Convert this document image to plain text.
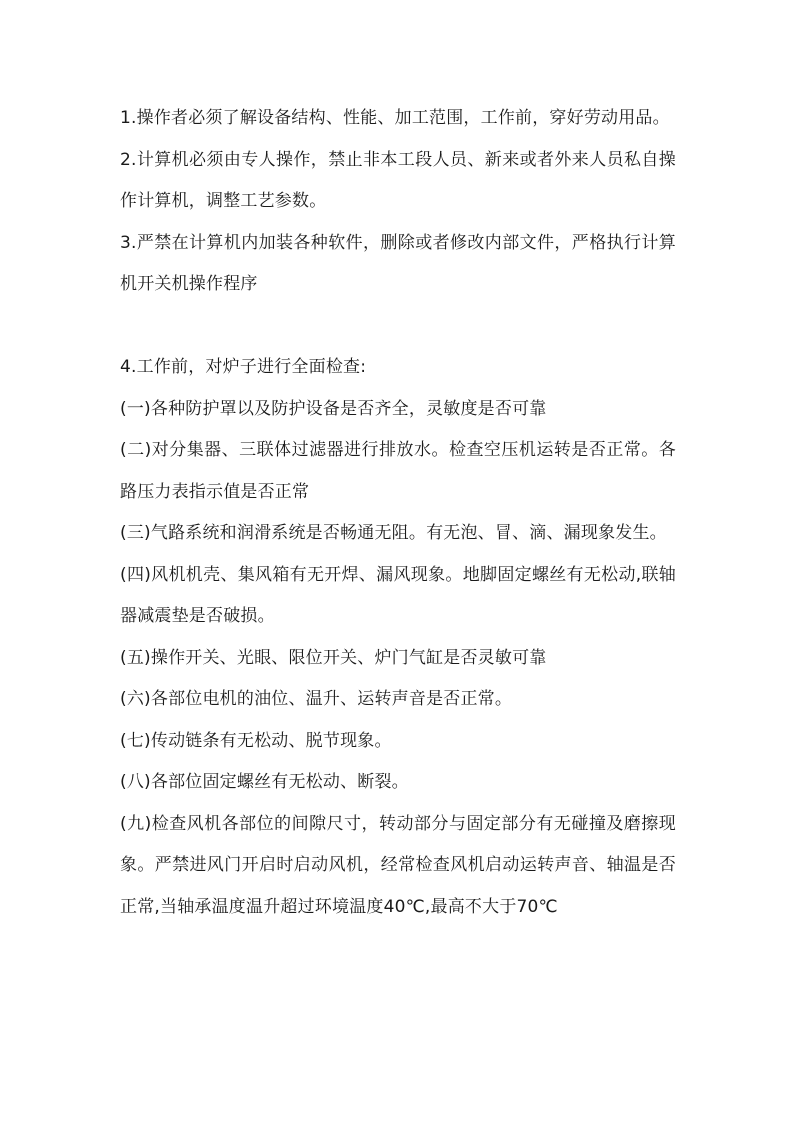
1.操作者必须了解设备结构、性能、加工范围，工作前，穿好劳动用品。

2.计算机必须由专人操作，禁止非本工段人员、新来或者外来人员私自操作计算机，调整工艺参数。

3.严禁在计算机内加装各种软件，删除或者修改内部文件，严格执行计算机开关机操作程序

4.工作前，对炉子进行全面检查:

(一)各种防护罩以及防护设备是否齐全，灵敏度是否可靠

(二)对分集器、三联体过滤器进行排放水。检查空压机运转是否正常。各路压力表指示值是否正常

(三)气路系统和润滑系统是否畅通无阻。有无泡、冒、滴、漏现象发生。

(四)风机机壳、集风箱有无开焊、漏风现象。地脚固定螺丝有无松动,联轴器减震垫是否破损。

(五)操作开关、光眼、限位开关、炉门气缸是否灵敏可靠

(六)各部位电机的油位、温升、运转声音是否正常。

(七)传动链条有无松动、脱节现象。

(八)各部位固定螺丝有无松动、断裂。

(九)检查风机各部位的间隙尺寸，转动部分与固定部分有无碰撞及磨擦现象。严禁进风门开启时启动风机，经常检查风机启动运转声音、轴温是否正常,当轴承温度温升超过环境温度40℃,最高不大于70℃
